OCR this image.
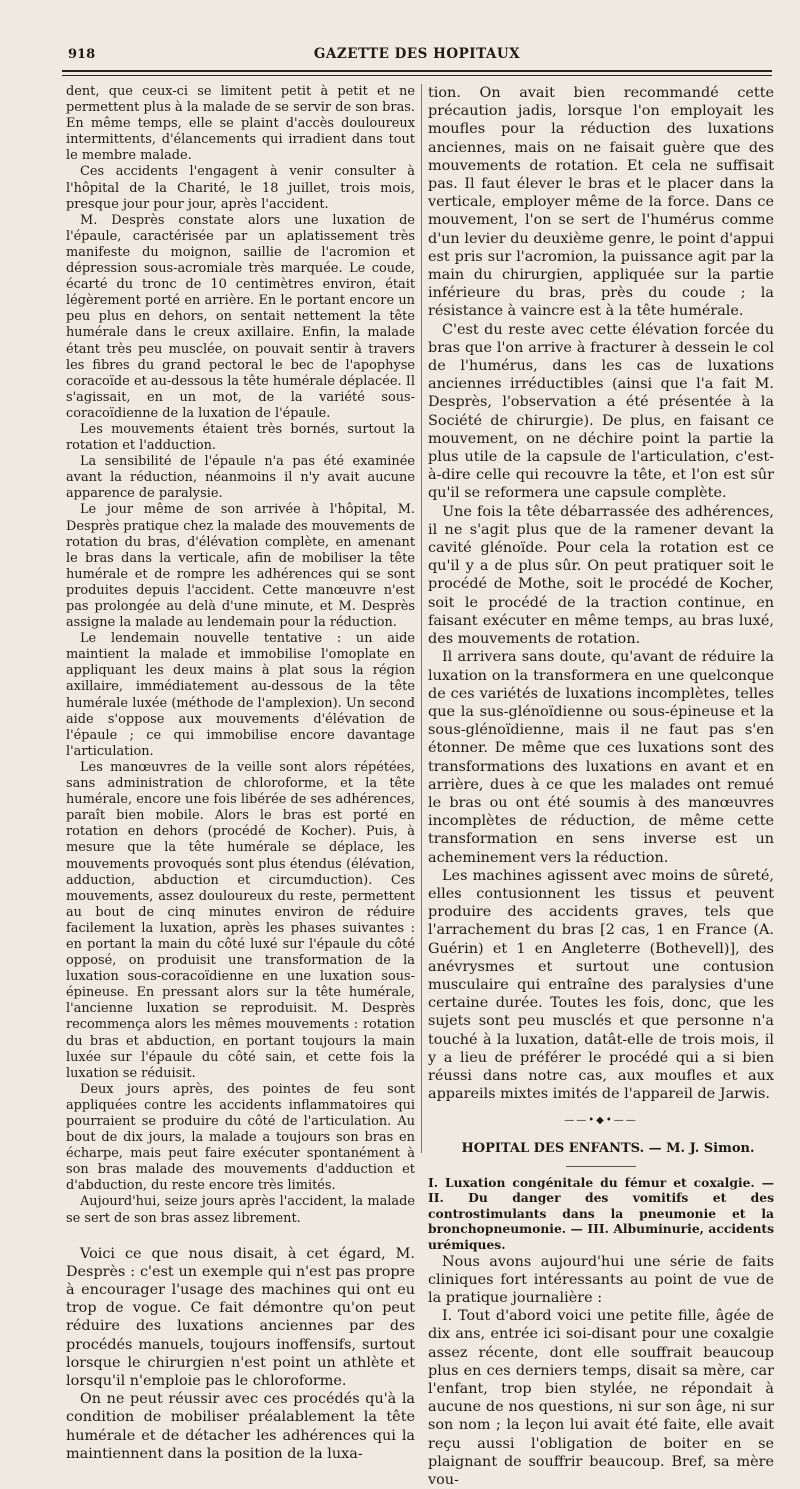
918	GAZETTE DES HOPITAUX

dent, que ceux-ci se limitent petit à petit et ne permettent plus à la malade de se servir de son bras. En même temps, elle se plaint d'accès douloureux intermittents, d'élancements qui irradient dans tout le membre malade.

Ces accidents l'engagent à venir consulter à l'hôpital de la Charité, le 18 juillet, trois mois, presque jour pour jour, après l'accident.

M. Desprès constate alors une luxation de l'épaule, caractérisée par un aplatissement très manifeste du moignon, saillie de l'acromion et dépression sous-acromiale très marquée. Le coude, écarté du tronc de 10 centimètres environ, était légèrement porté en arrière. En le portant encore un peu plus en dehors, on sentait nettement la tête humérale dans le creux axillaire. Enfin, la malade étant très peu musclée, on pouvait sentir à travers les fibres du grand pectoral le bec de l'apophyse coracoïde et au-dessous la tête humérale déplacée. Il s'agissait, en un mot, de la variété sous-coracoïdienne de la luxation de l'épaule.

Les mouvements étaient très bornés, surtout la rotation et l'adduction.

La sensibilité de l'épaule n'a pas été examinée avant la réduction, néanmoins il n'y avait aucune apparence de paralysie.

Le jour même de son arrivée à l'hôpital, M. Desprès pratique chez la malade des mouvements de rotation du bras, d'élévation complète, en amenant le bras dans la verticale, afin de mobiliser la tête humérale et de rompre les adhérences qui se sont produites depuis l'accident. Cette manœuvre n'est pas prolongée au delà d'une minute, et M. Desprès assigne la malade au lendemain pour la réduction.

Le lendemain nouvelle tentative : un aide maintient la malade et immobilise l'omoplate en appliquant les deux mains à plat sous la région axillaire, immédiatement au-dessous de la tête humérale luxée (méthode de l'amplexion). Un second aide s'oppose aux mouvements d'élévation de l'épaule ; ce qui immobilise encore davantage l'articulation.

Les manœuvres de la veille sont alors répétées, sans administration de chloroforme, et la tête humérale, encore une fois libérée de ses adhérences, paraît bien mobile. Alors le bras est porté en rotation en dehors (procédé de Kocher). Puis, à mesure que la tête humérale se déplace, les mouvements provoqués sont plus étendus (élévation, adduction, abduction et circumduction). Ces mouvements, assez douloureux du reste, permettent au bout de cinq minutes environ de réduire facilement la luxation, après les phases suivantes : en portant la main du côté luxé sur l'épaule du côté opposé, on produisit une transformation de la luxation sous-coracoïdienne en une luxation sous-épineuse. En pressant alors sur la tête humérale, l'ancienne luxation se reproduisit. M. Desprès recommença alors les mêmes mouvements : rotation du bras et abduction, en portant toujours la main luxée sur l'épaule du côté sain, et cette fois la luxation se réduisit.

Deux jours après, des pointes de feu sont appliquées contre les accidents inflammatoires qui pourraient se produire du côté de l'articulation. Au bout de dix jours, la malade a toujours son bras en écharpe, mais peut faire exécuter spontanément à son bras malade des mouvements d'adduction et d'abduction, du reste encore très limités.

Aujourd'hui, seize jours après l'accident, la malade se sert de son bras assez librement.

Voici ce que nous disait, à cet égard, M. Desprès : c'est un exemple qui n'est pas propre à encourager l'usage des machines qui ont eu trop de vogue. Ce fait démontre qu'on peut réduire des luxations anciennes par des procédés manuels, toujours inoffensifs, surtout lorsque le chirurgien n'est point un athlète et lorsqu'il n'emploie pas le chloroforme.

On ne peut réussir avec ces procédés qu'à la condition de mobiliser préalablement la tête humérale et de détacher les adhérences qui la maintiennent dans la position de la luxa-

tion. On avait bien recommandé cette précaution jadis, lorsque l'on employait les moufles pour la réduction des luxations anciennes, mais on ne faisait guère que des mouvements de rotation. Et cela ne suffisait pas. Il faut élever le bras et le placer dans la verticale, employer même de la force. Dans ce mouvement, l'on se sert de l'humérus comme d'un levier du deuxième genre, le point d'appui est pris sur l'acromion, la puissance agit par la main du chirurgien, appliquée sur la partie inférieure du bras, près du coude ; la résistance à vaincre est à la tête humérale.

C'est du reste avec cette élévation forcée du bras que l'on arrive à fracturer à dessein le col de l'humérus, dans les cas de luxations anciennes irréductibles (ainsi que l'a fait M. Desprès, l'observation a été présentée à la Société de chirurgie). De plus, en faisant ce mouvement, on ne déchire point la partie la plus utile de la capsule de l'articulation, c'est-à-dire celle qui recouvre la tête, et l'on est sûr qu'il se reformera une capsule complète.

Une fois la tête débarrassée des adhérences, il ne s'agit plus que de la ramener devant la cavité glénoïde. Pour cela la rotation est ce qu'il y a de plus sûr. On peut pratiquer soit le procédé de Mothe, soit le procédé de Kocher, soit le procédé de la traction continue, en faisant exécuter en même temps, au bras luxé, des mouvements de rotation.

Il arrivera sans doute, qu'avant de réduire la luxation on la transformera en une quelconque de ces variétés de luxations incomplètes, telles que la sus-glénoïdienne ou sous-épineuse et la sous-glénoïdienne, mais il ne faut pas s'en étonner. De même que ces luxations sont des transformations des luxations en avant et en arrière, dues à ce que les malades ont remué le bras ou ont été soumis à des manœuvres incomplètes de réduction, de même cette transformation en sens inverse est un acheminement vers la réduction.

Les machines agissent avec moins de sûreté, elles contusionnent les tissus et peuvent produire des accidents graves, tels que l'arrachement du bras [2 cas, 1 en France (A. Guérin) et 1 en Angleterre (Bothevell)], des anévrysmes et surtout une contusion musculaire qui entraîne des paralysies d'une certaine durée. Toutes les fois, donc, que les sujets sont peu musclés et que personne n'a touché à la luxation, datât-elle de trois mois, il y a lieu de préférer le procédé qui a si bien réussi dans notre cas, aux moufles et aux appareils mixtes imités de l'appareil de Jarwis.

——•◆•——

HOPITAL DES ENFANTS. — M. J. Simon.

I. Luxation congénitale du fémur et coxalgie. — II. Du danger des vomitifs et des controstimulants dans la pneumonie et la bronchopneumonie. — III. Albuminurie, accidents urémiques.

Nous avons aujourd'hui une série de faits cliniques fort intéressants au point de vue de la pratique journalière :

I. Tout d'abord voici une petite fille, âgée de dix ans, entrée ici soi-disant pour une coxalgie assez récente, dont elle souffrait beaucoup plus en ces derniers temps, disait sa mère, car l'enfant, trop bien stylée, ne répondait à aucune de nos questions, ni sur son âge, ni sur son nom ; la leçon lui avait été faite, elle avait reçu aussi l'obligation de boiter en se plaignant de souffrir beaucoup. Bref, sa mère vou-
